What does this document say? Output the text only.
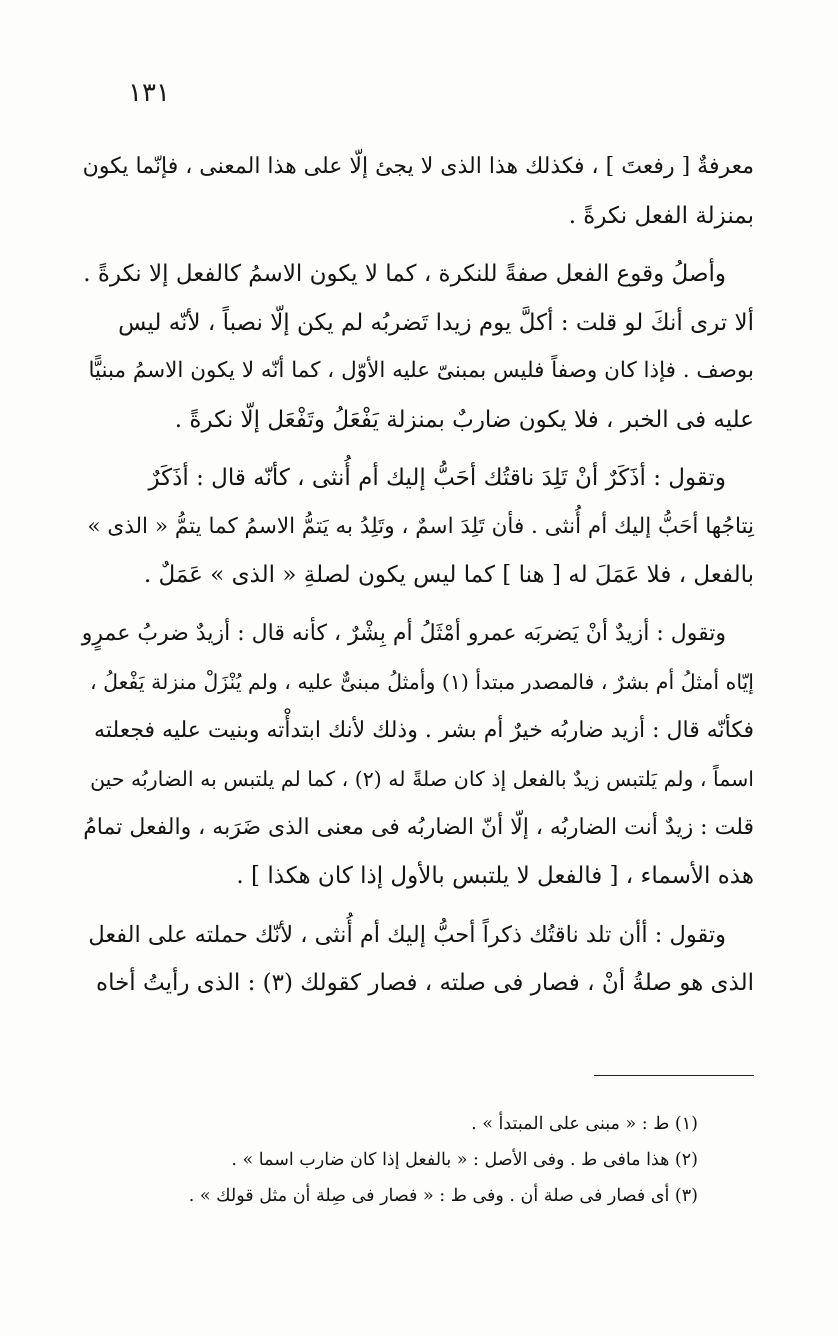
١٣١
معرفةٌ [ رفعتَ ] ، فكذلك هذا الذى لا يجئ إلّا على هذا المعنى ، فإنّما يكون
بمنزلة الفعل نكرةً .
وأصلُ وقوع الفعل صفةً للنكرة ، كما لا يكون الاسمُ كالفعل إلا نكرةً .
ألا ترى أنكَ لو قلت : أكلَّ يوم زيدا تَضربُه لم يكن إلّا نصباً ، لأنّه ليس
بوصف . فإذا كان وصفاً فليس بمبنىّ عليه الأوّل ، كما أنّه لا يكون الاسمُ مبنيًّا
عليه فى الخبر ، فلا يكون ضاربٌ بمنزلة يَفْعَلُ وتَفْعَل إلّا نكرةً .
وتقول : أذَكَرٌ أنْ تَلِدَ ناقتُك أحَبُّ إليك أم أُنثى ، كأنّه قال : أذَكَرٌ
نِتاجُها أحَبُّ إليك أم أُنثى . فأن تَلِدَ اسمٌ ، وتَلِدُ به يَتمُّ الاسمُ كما يتمُّ « الذى »
بالفعل ، فلا عَمَلَ له [ هنا ] كما ليس يكون لصلةِ « الذى » عَمَلٌ .
وتقول : أزيدٌ أنْ يَضربَه عمرو أمْثَلُ أم بِشْرٌ ، كأنه قال : أزيدٌ ضربُ عمرٍو
إيّاه أمثلُ أم بشرٌ ، فالمصدر مبتدأ (١) وأمثلُ مبنىٌّ عليه ، ولم يُنْزَلْ منزلة يَفْعلُ ،
فكأنّه قال : أزيد ضاربُه خيرٌ أم بشر . وذلك لأنك ابتدأْته وبنيت عليه فجعلته
اسماً ، ولم يَلتبس زيدٌ بالفعل إذ كان صلةً له (٢) ، كما لم يلتبس به الضاربُه حين
قلت : زيدٌ أنت الضاربُه ، إلّا أنّ الضاربُه فى معنى الذى ضَرَبه ، والفعل تمامُ
هذه الأسماء ، [ فالفعل لا يلتبس بالأول إذا كان هكذا ] .
وتقول : أأن تلد ناقتُك ذكراً أحبُّ إليك أم أُنثى ، لأنّك حملته على الفعل
الذى هو صلةُ أنْ ، فصار فى صلته ، فصار كقولك (٣) : الذى رأيتُ أخاه
(١) ط : « مبنى على المبتدأ » .
(٢) هذا مافى ط . وفى الأصل : « بالفعل إذا كان ضارب اسما » .
(٣) أى فصار فى صلة أن . وفى ط : « فصار فى صِلة أن مثل قولك » .
